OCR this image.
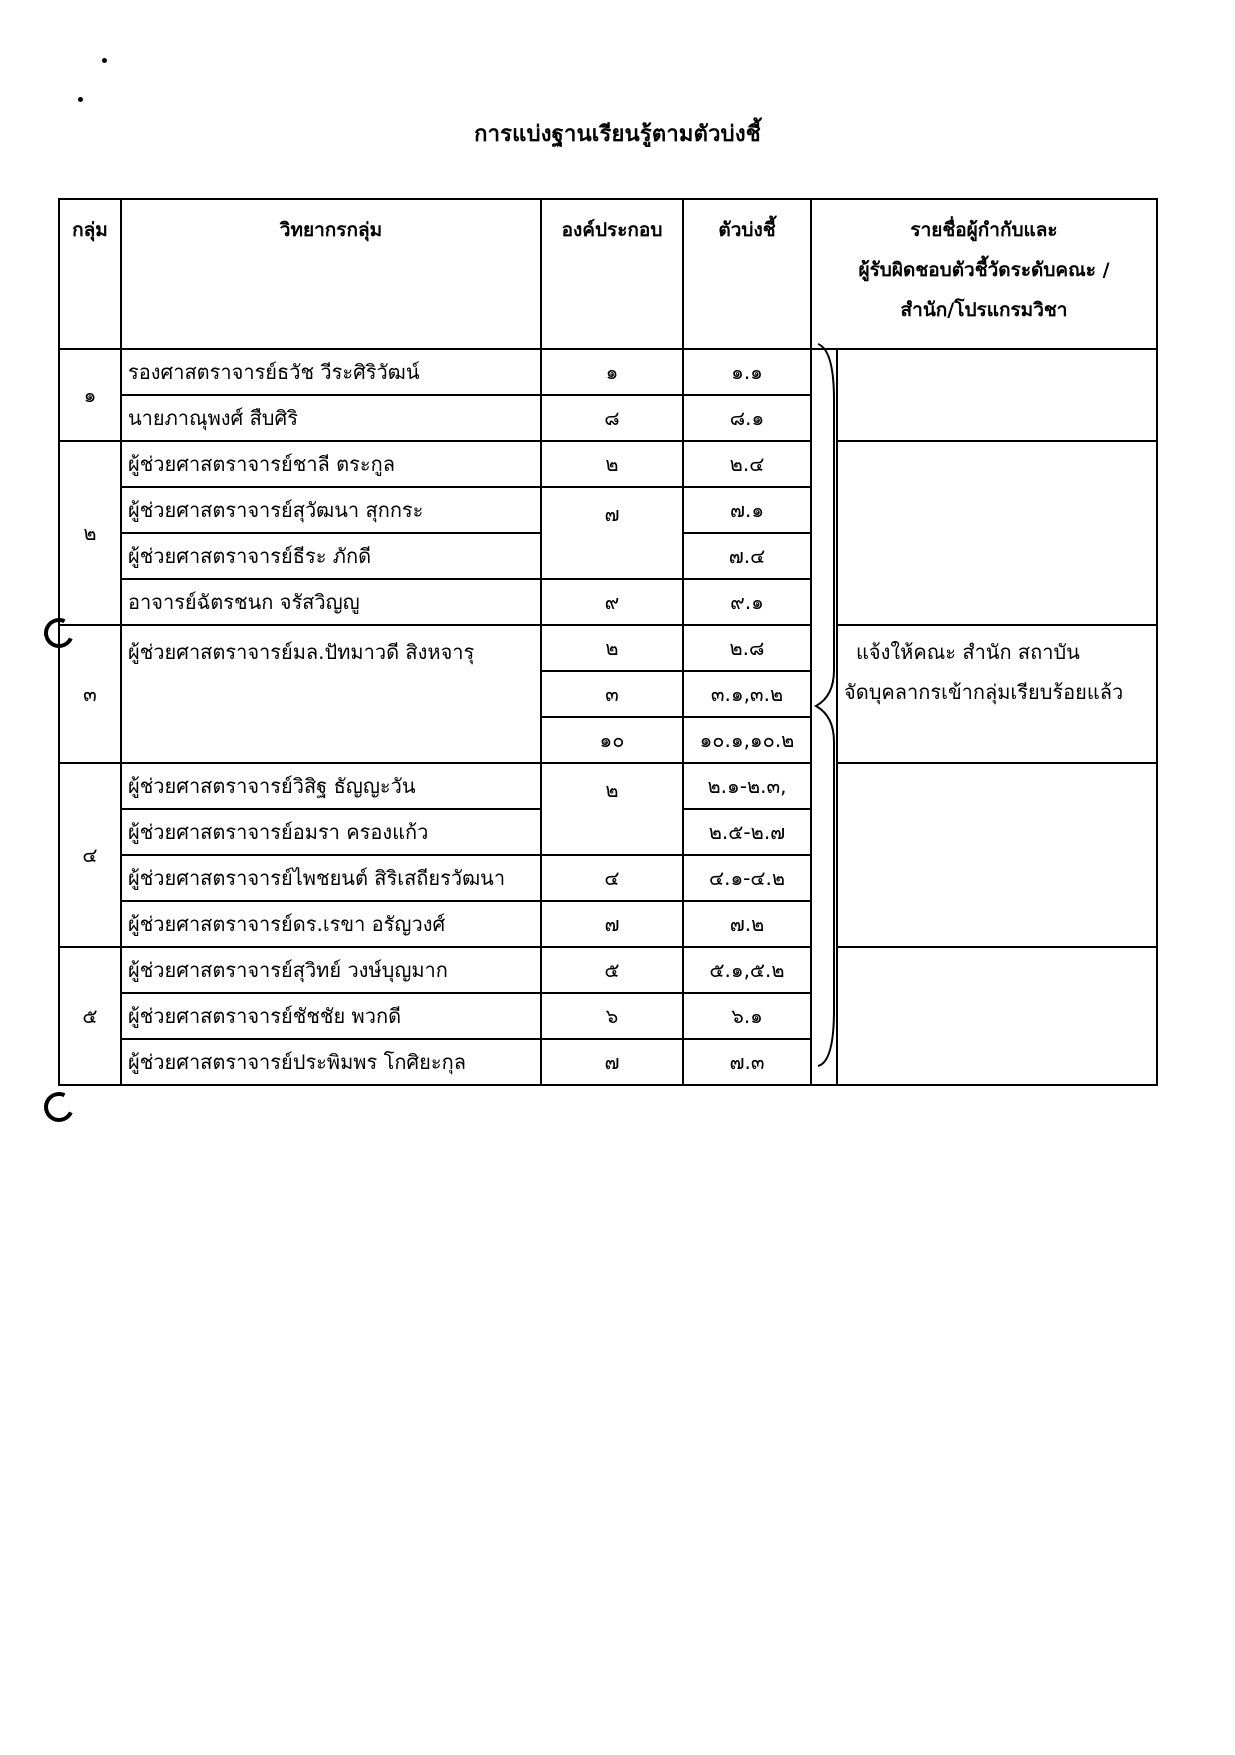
การแบ่งฐานเรียนรู้ตามตัวบ่งชี้
กลุ่ม	วิทยากรกลุ่ม	องค์ประกอบ	ตัวบ่งชี้	รายชื่อผู้กำกับและ
ผู้รับผิดชอบตัวชี้วัดระดับคณะ /
สำนัก/โปรแกรมวิชา	

๑	รองศาสตราจารย์ธวัช วีระศิริวัฒน์	๑	๑.๑		
	นายภาณุพงศ์ สืบศิริ	๘	๘.๑		
๒	ผู้ช่วยศาสตราจารย์ชาลี ตระกูล	๒	๒.๔		
	ผู้ช่วยศาสตราจารย์สุวัฒนา สุกกระ	๗	๗.๑		
	ผู้ช่วยศาสตราจารย์ธีระ ภักดี		๗.๔		
	อาจารย์ฉัตรชนก จรัสวิญญู	๙	๙.๑		
๓	ผู้ช่วยศาสตราจารย์มล.ปัทมาวดี สิงหจารุ	๒	๒.๘		แจ้งให้คณะ สำนัก สถาบัน
จัดบุคลากรเข้ากลุ่มเรียบร้อยแล้ว

		๓	๓.๑,๓.๒		
		๑๐	๑๐.๑,๑๐.๒		
๔	ผู้ช่วยศาสตราจารย์วิสิฐ ธัญญะวัน	๒	๒.๑-๒.๓,		
	ผู้ช่วยศาสตราจารย์อมรา ครองแก้ว		๒.๕-๒.๗		
	ผู้ช่วยศาสตราจารย์ไพชยนต์ สิริเสถียรวัฒนา	๔	๔.๑-๔.๒		
	ผู้ช่วยศาสตราจารย์ดร.เรขา อรัญวงศ์	๗	๗.๒		
๕	ผู้ช่วยศาสตราจารย์สุวิทย์ วงษ์บุญมาก	๕	๕.๑,๕.๒		
	ผู้ช่วยศาสตราจารย์ชัชชัย พวกดี	๖	๖.๑		
	ผู้ช่วยศาสตราจารย์ประพิมพร โกศิยะกุล	๗	๗.๓		
